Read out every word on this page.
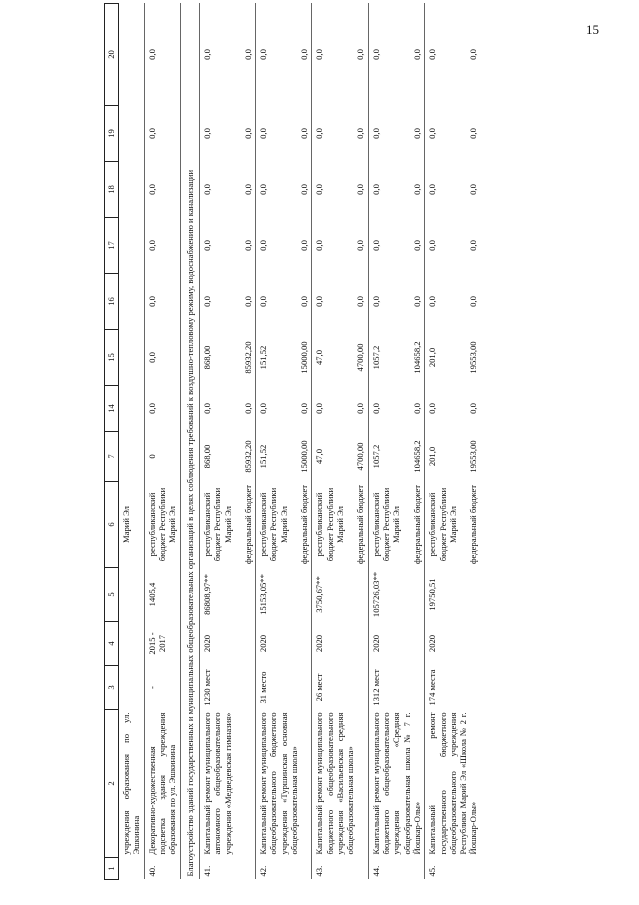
15
1	2	3	4	5	6	7	14	15	16	17	18	19	20
	учреждения образования по ул. Эшкинина				Марий Эл								
40.	Декоративно-художественная подсветка здания учреждения образования по ул. Эшкинина	-	2015 - 2017	1405,4	республиканский бюджет Республики Марий Эл	0	0,0	0,0	0,0	0,0	0,0	0,0	0,0
Благоустройство зданий государственных и муниципальных общеобразовательных организаций в целях соблюдения требований к воздушно-тепловому режиму, водоснабжению и канализации													
41.	Капитальный ремонт муниципального автономного общеобразовательного учреждения «Медведевская гимназия»	1230 мест	2020	86808,97**	республиканский бюджет Республики Марий Эл	868,00	0,0	868,00	0,0	0,0	0,0	0,0	0,0
					федеральный бюджет	85932,20	0,0	85932,20	0,0	0,0	0,0	0,0	0,0
42.	Капитальный ремонт муниципального общеобразовательного бюджетного учреждения «Туршинская основная общеобразовательная школа»	31 место	2020	15153,05**	республиканский бюджет Республики Марий Эл	151,52	0,0	151,52	0,0	0,0	0,0	0,0	0,0
					федеральный бюджет	15000,00	0,0	15000,00	0,0	0,0	0,0	0,0	0,0
43.	Капитальный ремонт муниципального бюджетного общеобразовательного учреждения «Васильевская средняя общеобразовательная школа»	26 мест	2020	3750,67**	республиканский бюджет Республики Марий Эл	47,0	0,0	47,0	0,0	0,0	0,0	0,0	0,0
					федеральный бюджет	4700,00	0,0	4700,00	0,0	0,0	0,0	0,0	0,0
44.	Капитальный ремонт муниципального бюджетного общеобразовательного учреждения «Средняя общеобразовательная школа № 7 г. Йошкар-Олы»	1312 мест	2020	105726,03**	республиканский бюджет Республики Марий Эл	1057,2	0,0	1057,2	0,0	0,0	0,0	0,0	0,0
					федеральный бюджет	104658,2	0,0	104658,2	0,0	0,0	0,0	0,0	0,0
45.	Капитальный ремонт государственного бюджетного общеобразовательного учреждения Республики Марий Эл «Школа № 2 г. Йошкар-Олы»	174 места	2020	19750,51	республиканский бюджет Республики Марий Эл	201,0	0,0	201,0	0,0	0,0	0,0	0,0	0,0
					федеральный бюджет	19553,00	0,0	19553,00	0,0	0,0	0,0	0,0	0,0
